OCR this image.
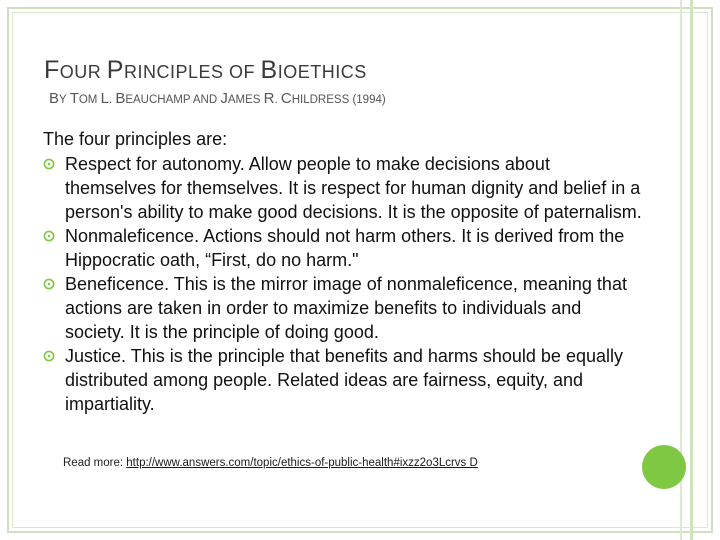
FOUR PRINCIPLES OF BIOETHICS
BY TOM L. BEAUCHAMP AND JAMES R. CHILDRESS (1994)
The four principles are:
Respect for autonomy. Allow people to make decisions about themselves for themselves. It is respect for human dignity and belief in a person's ability to make good decisions. It is the opposite of paternalism.
Nonmaleficence. Actions should not harm others. It is derived from the Hippocratic oath, “First, do no harm."
Beneficence. This is the mirror image of nonmaleficence, meaning that actions are taken in order to maximize benefits to individuals and society. It is the principle of doing good.
Justice. This is the principle that benefits and harms should be equally distributed among people. Related ideas are fairness, equity, and impartiality.
Read more: http://www.answers.com/topic/ethics-of-public-health#ixzz2o3Lcrvs D
